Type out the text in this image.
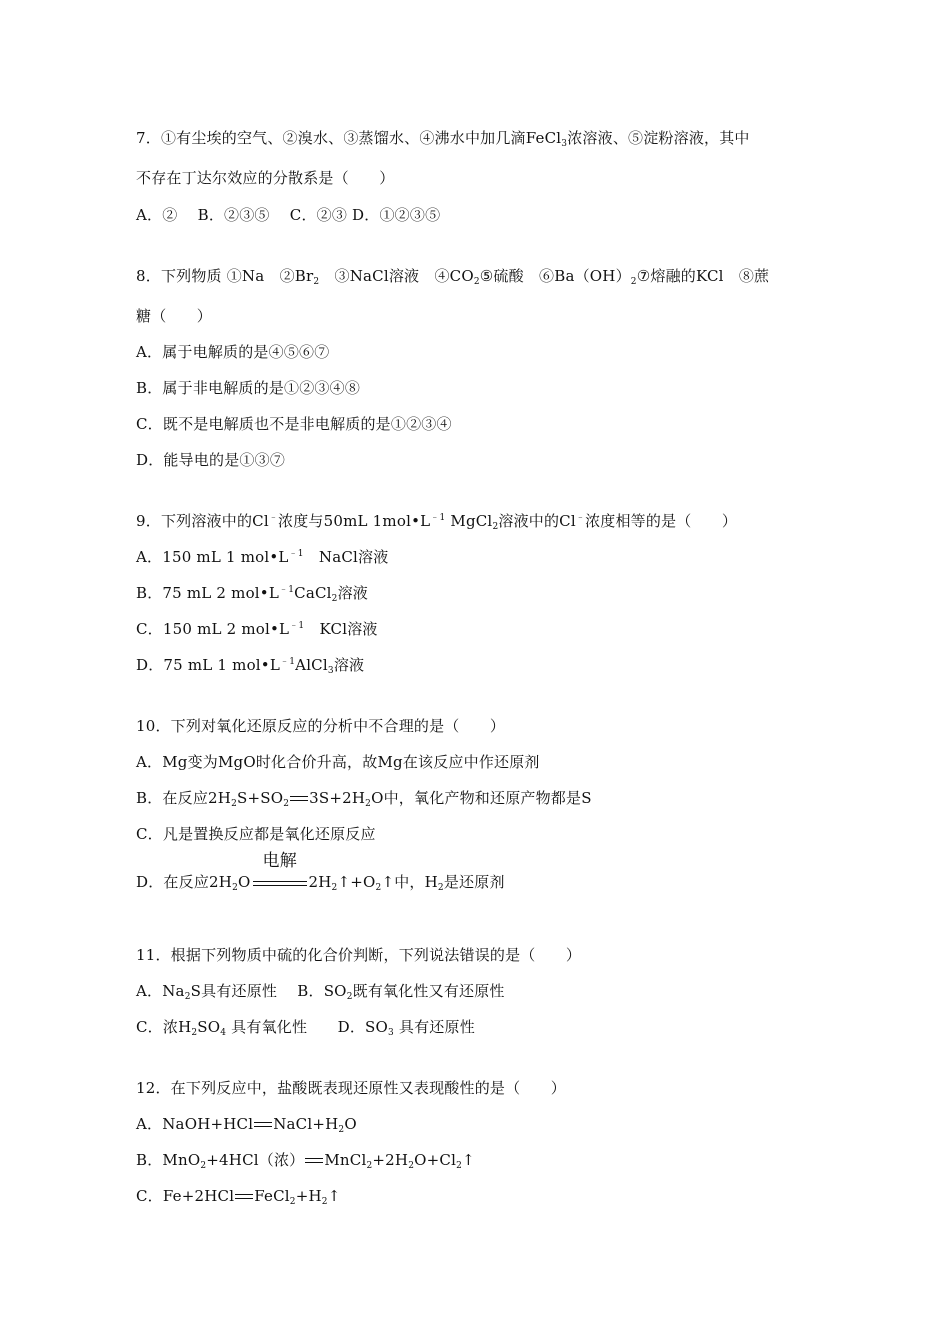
7．①有尘埃的空气、②溴水、③蒸馏水、④沸水中加几滴FeCl$_3$浓溶液、⑤淀粉溶液，其中
不存在丁达尔效应的分散系是（　　）
A．②　 B．②③⑤　 C．②③ D．①②③⑤
8．下列物质 ①Na　$②Br_2$　③NaCl溶液　$④CO_2⑤$硫酸　$⑥Ba(OH)_2⑦$熔融的KCl　⑧蔗
糖（　　）
A．属于电解质的是④⑤⑥⑦
B．属于非电解质的是①②③④⑧
C．既不是电解质也不是非电解质的是①②③④
D．能导电的是①③⑦
9．下列溶液中的Cl﹣浓度与50mL $1mol•L^{﹣1}$ MgCl$_2$溶液中的Cl﹣浓度相等的是（　　）
A．150 mL 1 $mol•L^{﹣1}$　NaCl溶液
B．75 mL 2 $mol•L^{﹣1}CaCl_2$溶液
C．150 mL 2 $mol•L^{﹣1}$　KCl溶液
D．75 mL 1 $mol•L^{﹣1}AlCl_3$溶液
10．下列对氧化还原反应的分析中不合理的是（　　）
A．Mg变为MgO时化合价升高，故Mg在该反应中作还原剂
B．在反应$2H_2S+SO_2$ $3S+2H_2O$中，氧化产物和还原产物都是S
C．凡是置换反应都是氧化还原反应
D．在反应$2H_2O$
电解
$2H_2↑+O_2↑$中，$H_2$是还原剂
11．根据下列物质中硫的化合价判断，下列说法错误的是（　　）
A．$Na_2S$具有还原性　 B．$SO_2$既有氧化性又有还原性
C．浓$H_2SO_4$ 具有氧化性　　D．$SO_3$ 具有还原性
12．在下列反应中，盐酸既表现还原性又表现酸性的是（　　）
A．NaOH+HCl $NaCl+H_2O$
B．MnO$_2$+4HCl（浓） $MnCl_2+2H_2O+Cl_2↑$
C．Fe+2HCl $FeCl_2+H_2↑$
